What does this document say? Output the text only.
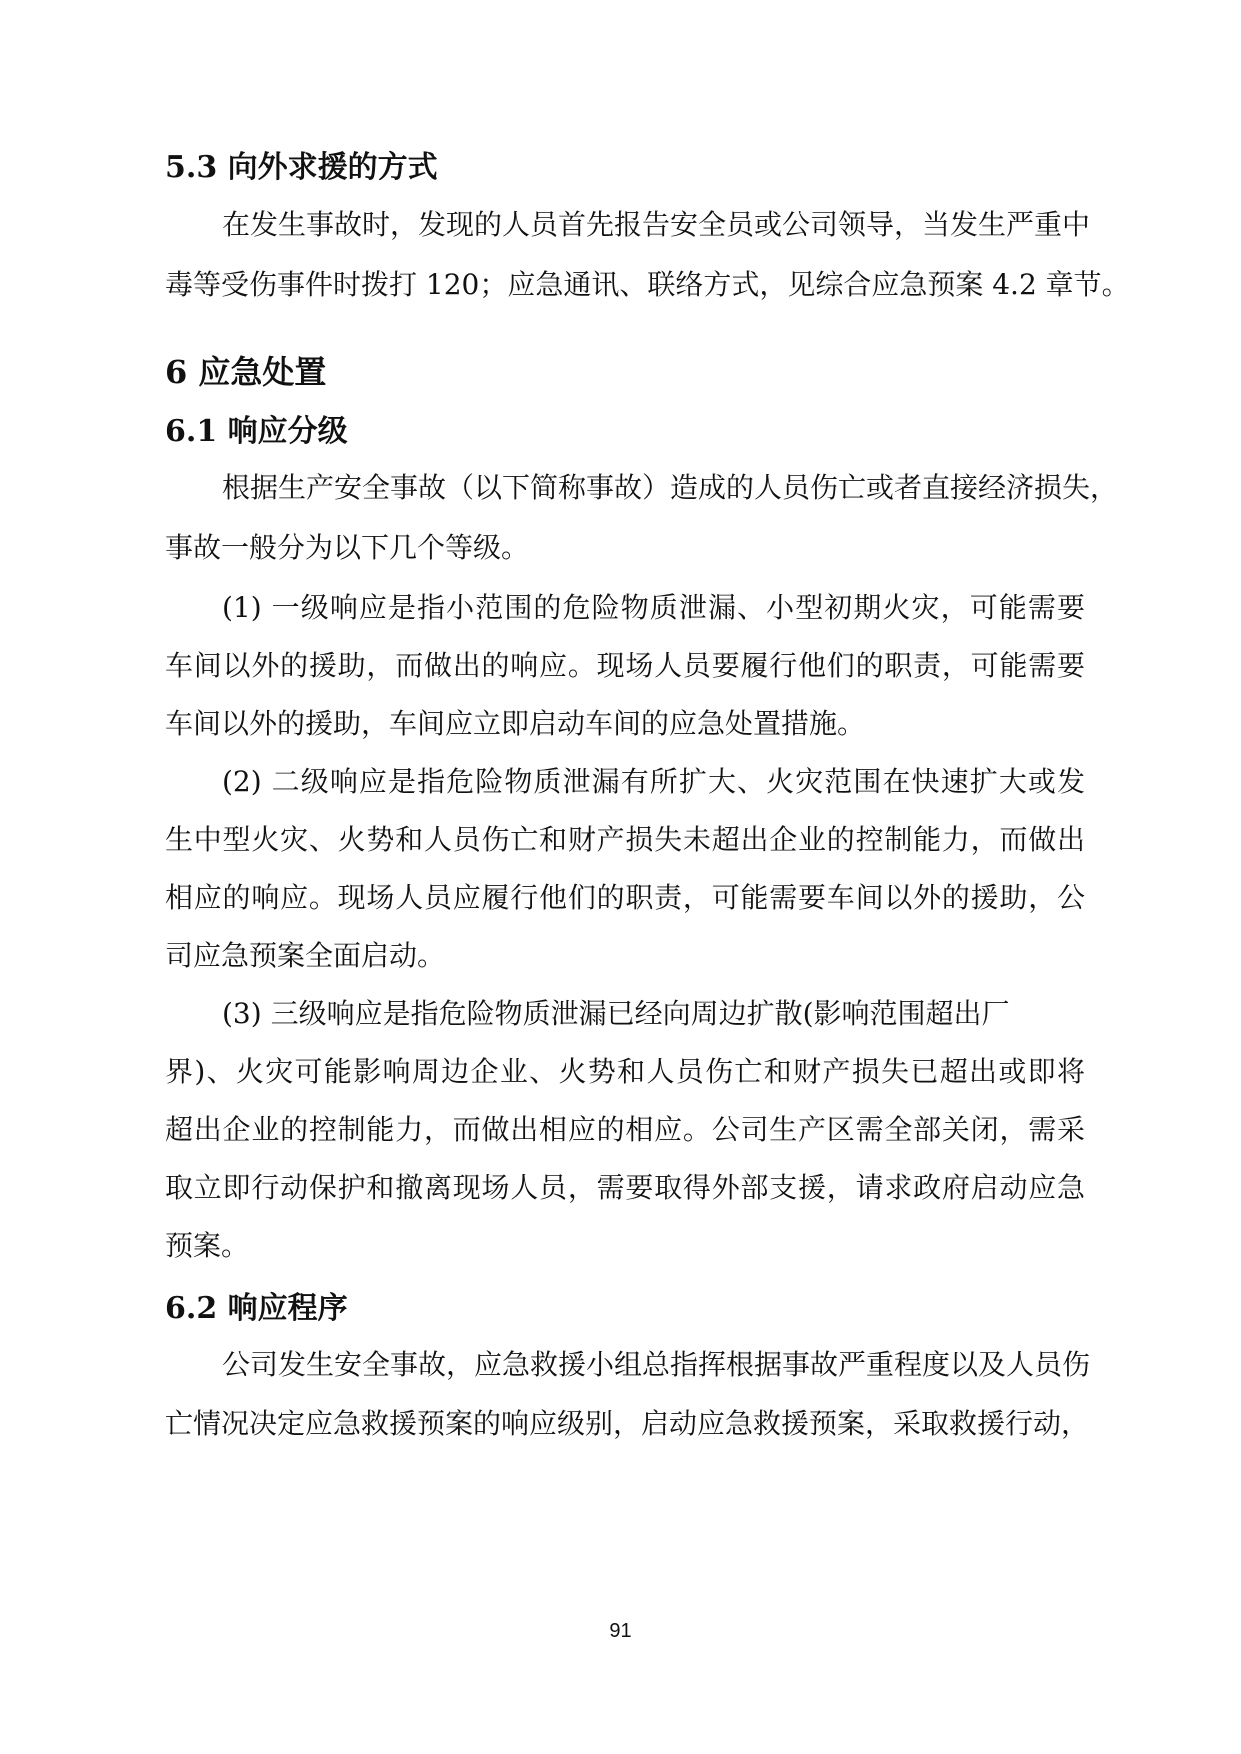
5.3 向外求援的方式
在发生事故时，发现的人员首先报告安全员或公司领导，当发生严重中
毒等受伤事件时拨打 120；应急通讯、联络方式，见综合应急预案 4.2 章节。
6 应急处置
6.1 响应分级
根据生产安全事故（以下简称事故）造成的人员伤亡或者直接经济损失，
事故一般分为以下几个等级。
(1) 一级响应是指小范围的危险物质泄漏、小型初期火灾，可能需要
车间以外的援助，而做出的响应。现场人员要履行他们的职责，可能需要
车间以外的援助，车间应立即启动车间的应急处置措施。
(2) 二级响应是指危险物质泄漏有所扩大、火灾范围在快速扩大或发
生中型火灾、火势和人员伤亡和财产损失未超出企业的控制能力，而做出
相应的响应。现场人员应履行他们的职责，可能需要车间以外的援助，公
司应急预案全面启动。
(3) 三级响应是指危险物质泄漏已经向周边扩散(影响范围超出厂
界)、火灾可能影响周边企业、火势和人员伤亡和财产损失已超出或即将
超出企业的控制能力，而做出相应的相应。公司生产区需全部关闭，需采
取立即行动保护和撤离现场人员，需要取得外部支援，请求政府启动应急
预案。
6.2 响应程序
公司发生安全事故，应急救援小组总指挥根据事故严重程度以及人员伤
亡情况决定应急救援预案的响应级别，启动应急救援预案，采取救援行动，
91
